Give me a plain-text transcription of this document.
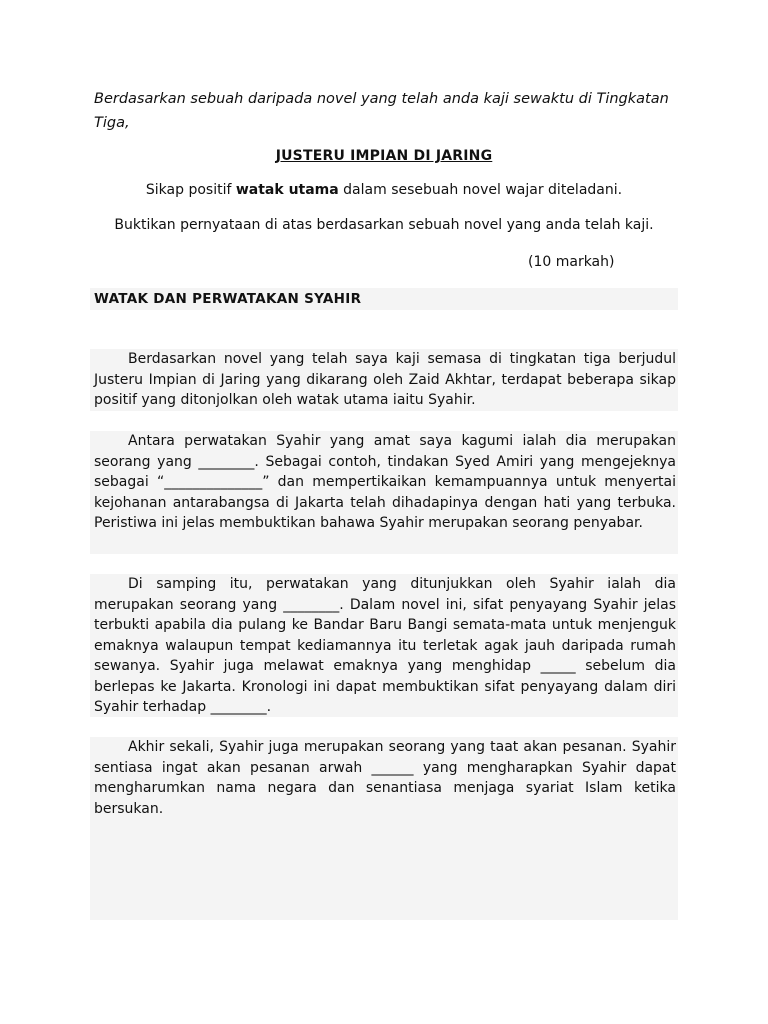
Berdasarkan sebuah daripada novel yang telah anda kaji sewaktu di Tingkatan Tiga,
JUSTERU IMPIAN DI JARING
Sikap positif watak utama dalam sesebuah novel wajar diteladani.
Buktikan pernyataan di atas berdasarkan sebuah novel yang anda telah kaji.
(10 markah)
WATAK DAN PERWATAKAN SYAHIR
Berdasarkan novel yang telah saya kaji semasa di tingkatan tiga berjudul Justeru Impian di Jaring yang dikarang oleh Zaid Akhtar, terdapat beberapa sikap positif yang ditonjolkan oleh watak utama iaitu Syahir.
Antara perwatakan Syahir yang amat saya kagumi ialah dia merupakan seorang yang ________. Sebagai contoh, tindakan Syed Amiri yang mengejeknya sebagai “______________” dan mempertikaikan kemampuannya untuk menyertai kejohanan antarabangsa di Jakarta telah dihadapinya dengan hati yang terbuka. Peristiwa ini jelas membuktikan bahawa Syahir merupakan seorang penyabar.
Di samping itu, perwatakan yang ditunjukkan oleh Syahir ialah dia merupakan seorang yang ________. Dalam novel ini, sifat penyayang Syahir jelas terbukti apabila dia pulang ke Bandar Baru Bangi semata-mata untuk menjenguk emaknya walaupun tempat kediamannya itu terletak agak jauh daripada rumah sewanya. Syahir juga melawat emaknya yang menghidap _____ sebelum dia berlepas ke Jakarta. Kronologi ini dapat membuktikan sifat penyayang dalam diri Syahir terhadap ________.
Akhir sekali, Syahir juga merupakan seorang yang taat akan pesanan. Syahir sentiasa ingat akan pesanan arwah ______ yang mengharapkan Syahir dapat mengharumkan nama negara dan senantiasa menjaga syariat Islam ketika bersukan.
